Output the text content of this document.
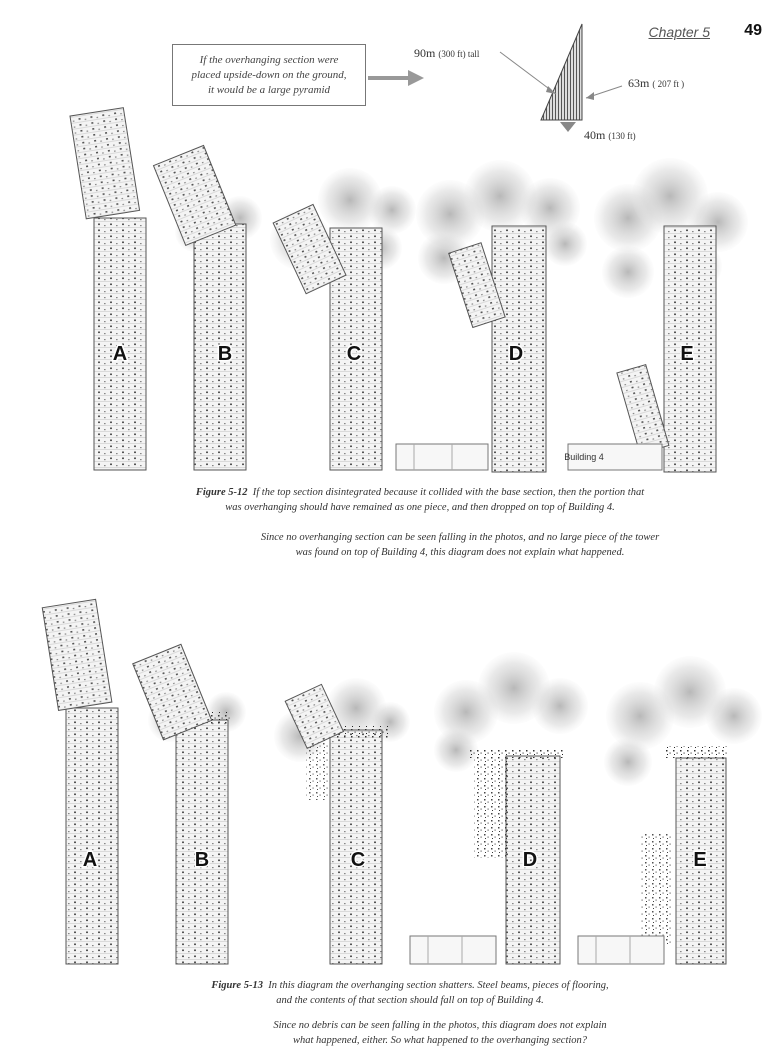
Chapter 5 49
A	B	C	D	E
A	B	C	D	E
Building 4
If the overhanging section were
placed upside-down on the ground,
it would be a large pyramid
90m (300 ft) tall
63m ( 207 ft )
40m (130 ft)
Figure 5-12 If the top section disintegrated because it collided with the base section, then the portion that
was overhanging should have remained as one piece, and then dropped on top of Building 4.
Since no overhanging section can be seen falling in the photos, and no large piece of the tower
was found on top of Building 4, this diagram does not explain what happened.
Figure 5-13 In this diagram the overhanging section shatters. Steel beams, pieces of flooring,
and the contents of that section should fall on top of Building 4.
Since no debris can be seen falling in the photos, this diagram does not explain
what happened, either. So what happened to the overhanging section?
